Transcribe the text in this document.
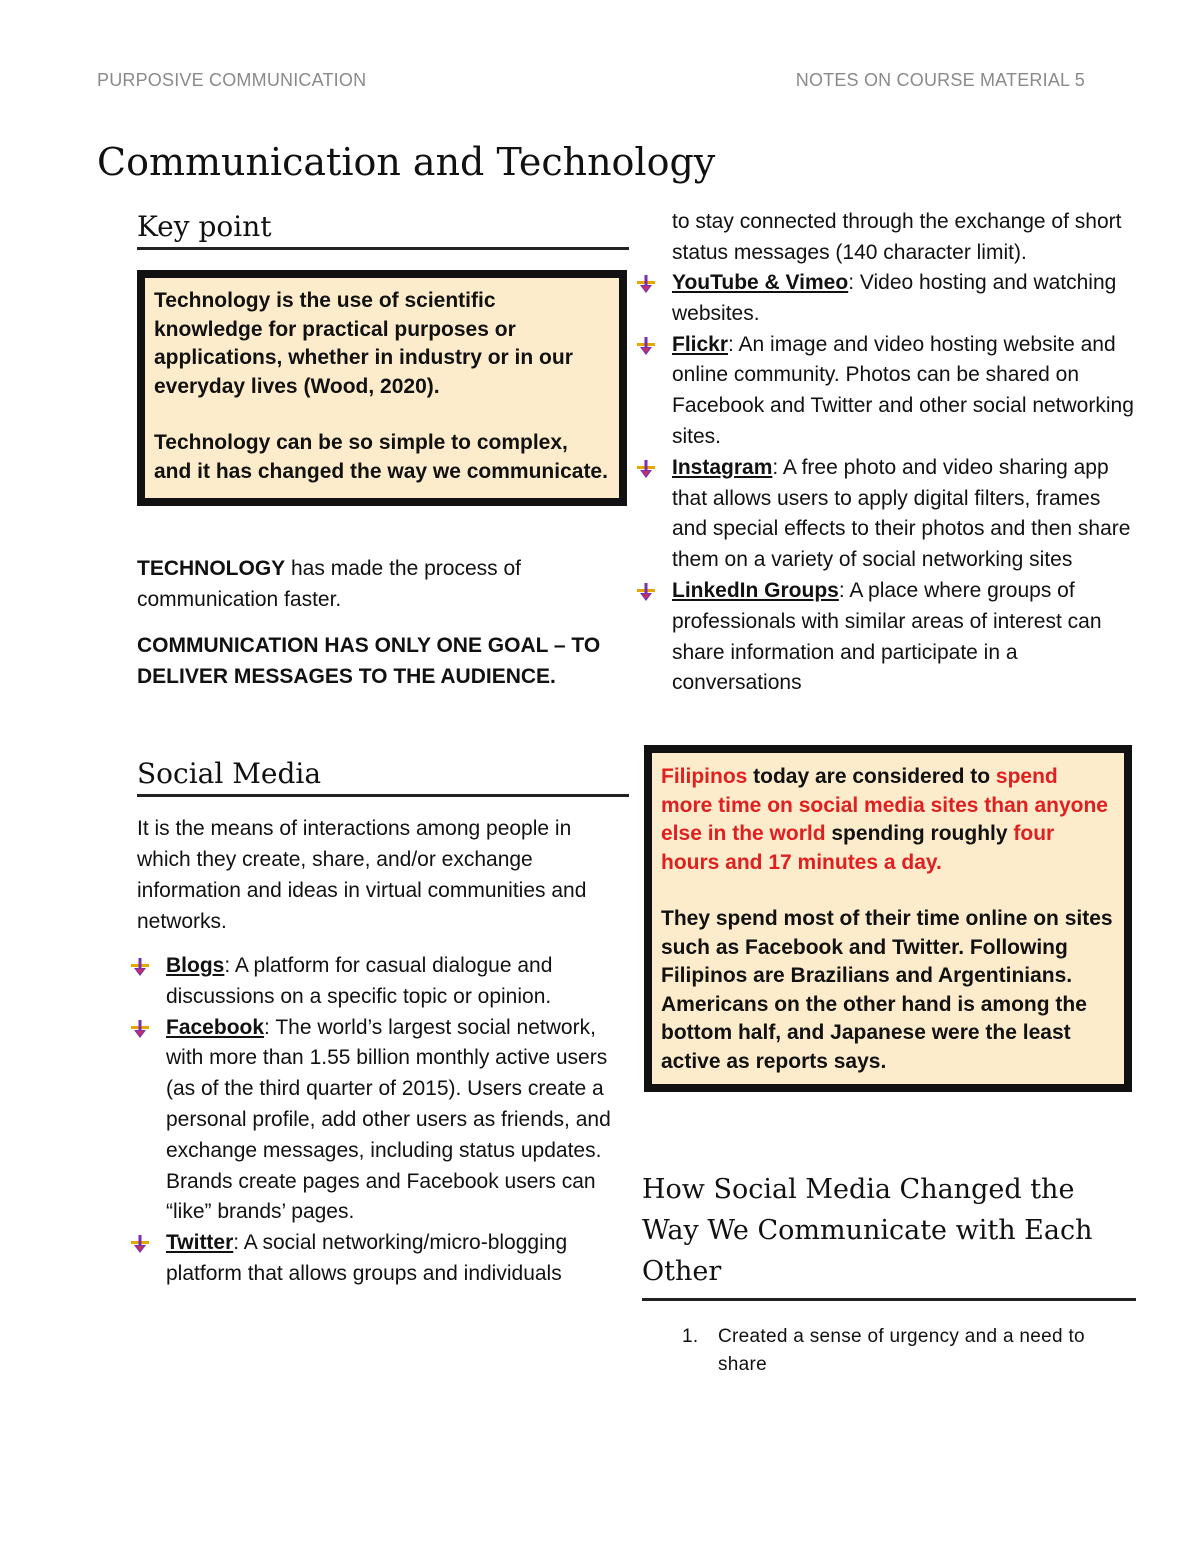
PURPOSIVE COMMUNICATION	NOTES ON COURSE MATERIAL 5
Communication and Technology
Key point

Technology is the use of scientific knowledge for practical purposes or applications, whether in industry or in our everyday lives (Wood, 2020).

Technology can be so simple to complex, and it has changed the way we communicate.

TECHNOLOGY has made the process of communication faster.

COMMUNICATION HAS ONLY ONE GOAL – TO DELIVER MESSAGES TO THE AUDIENCE.

Social Media

It is the means of interactions among people in which they create, share, and/or exchange information and ideas in virtual communities and networks.

Blogs: A platform for casual dialogue and discussions on a specific topic or opinion.
Facebook: The world’s largest social network, with more than 1.55 billion monthly active users (as of the third quarter of 2015). Users create a personal profile, add other users as friends, and exchange messages, including status updates. Brands create pages and Facebook users can “like” brands’ pages.
Twitter: A social networking/micro-blogging platform that allows groups and individuals

to stay connected through the exchange of short status messages (140 character limit).

YouTube & Vimeo: Video hosting and watching websites.
Flickr: An image and video hosting website and online community. Photos can be shared on Facebook and Twitter and other social networking sites.
Instagram: A free photo and video sharing app that allows users to apply digital filters, frames and special effects to their photos and then share them on a variety of social networking sites
LinkedIn Groups: A place where groups of professionals with similar areas of interest can share information and participate in a conversations

Filipinos today are considered to spend more time on social media sites than anyone else in the world spending roughly four hours and 17 minutes a day.

They spend most of their time online on sites such as Facebook and Twitter. Following Filipinos are Brazilians and Argentinians. Americans on the other hand is among the bottom half, and Japanese were the least active as reports says.

How Social Media Changed the Way We Communicate with Each Other
1. Created a sense of urgency and a need to share
